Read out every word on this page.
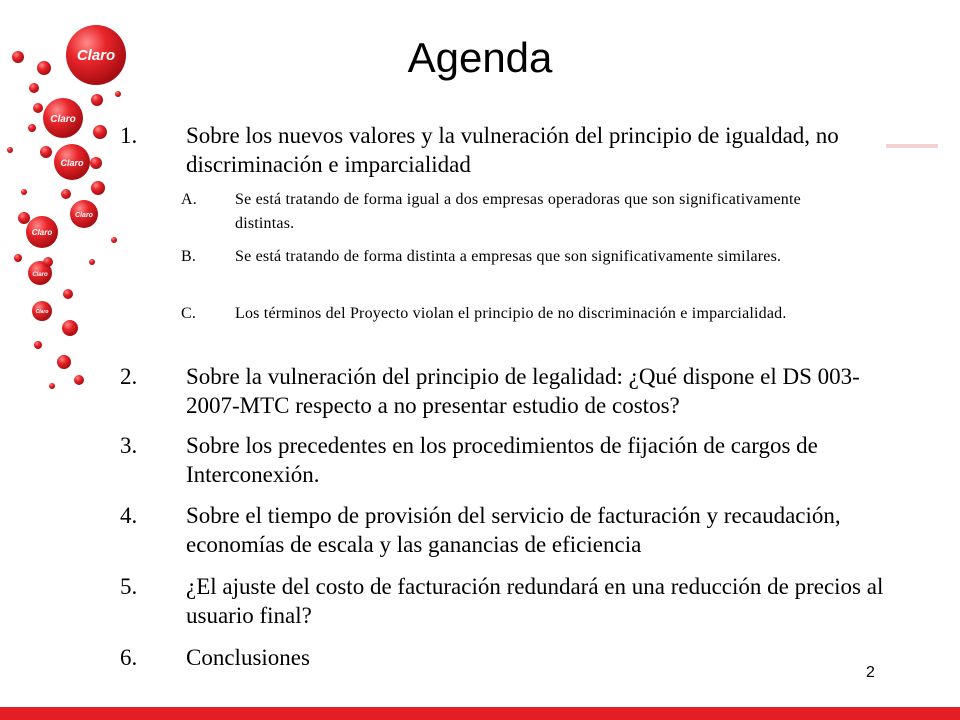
Claro
Claro
Claro
Claro
Claro
Claro
Claro
Agenda
1. Sobre los nuevos valores y la vulneración del principio de igualdad, no discriminación e imparcialidad
A. Se está tratando de forma igual a dos empresas operadoras que son significativamente distintas.
B. Se está tratando de forma distinta a empresas que son significativamente similares.
C. Los términos del Proyecto violan el principio de no discriminación e imparcialidad.
2. Sobre la vulneración del principio de legalidad: ¿Qué dispone el DS 003-2007-MTC respecto a no presentar estudio de costos?
3. Sobre los precedentes en los procedimientos de fijación de cargos de Interconexión.
4. Sobre el tiempo de provisión del servicio de facturación y recaudación, economías de escala y las ganancias de eficiencia
5. ¿El ajuste del costo de facturación redundará en una reducción de precios al usuario final?
6. Conclusiones
2
